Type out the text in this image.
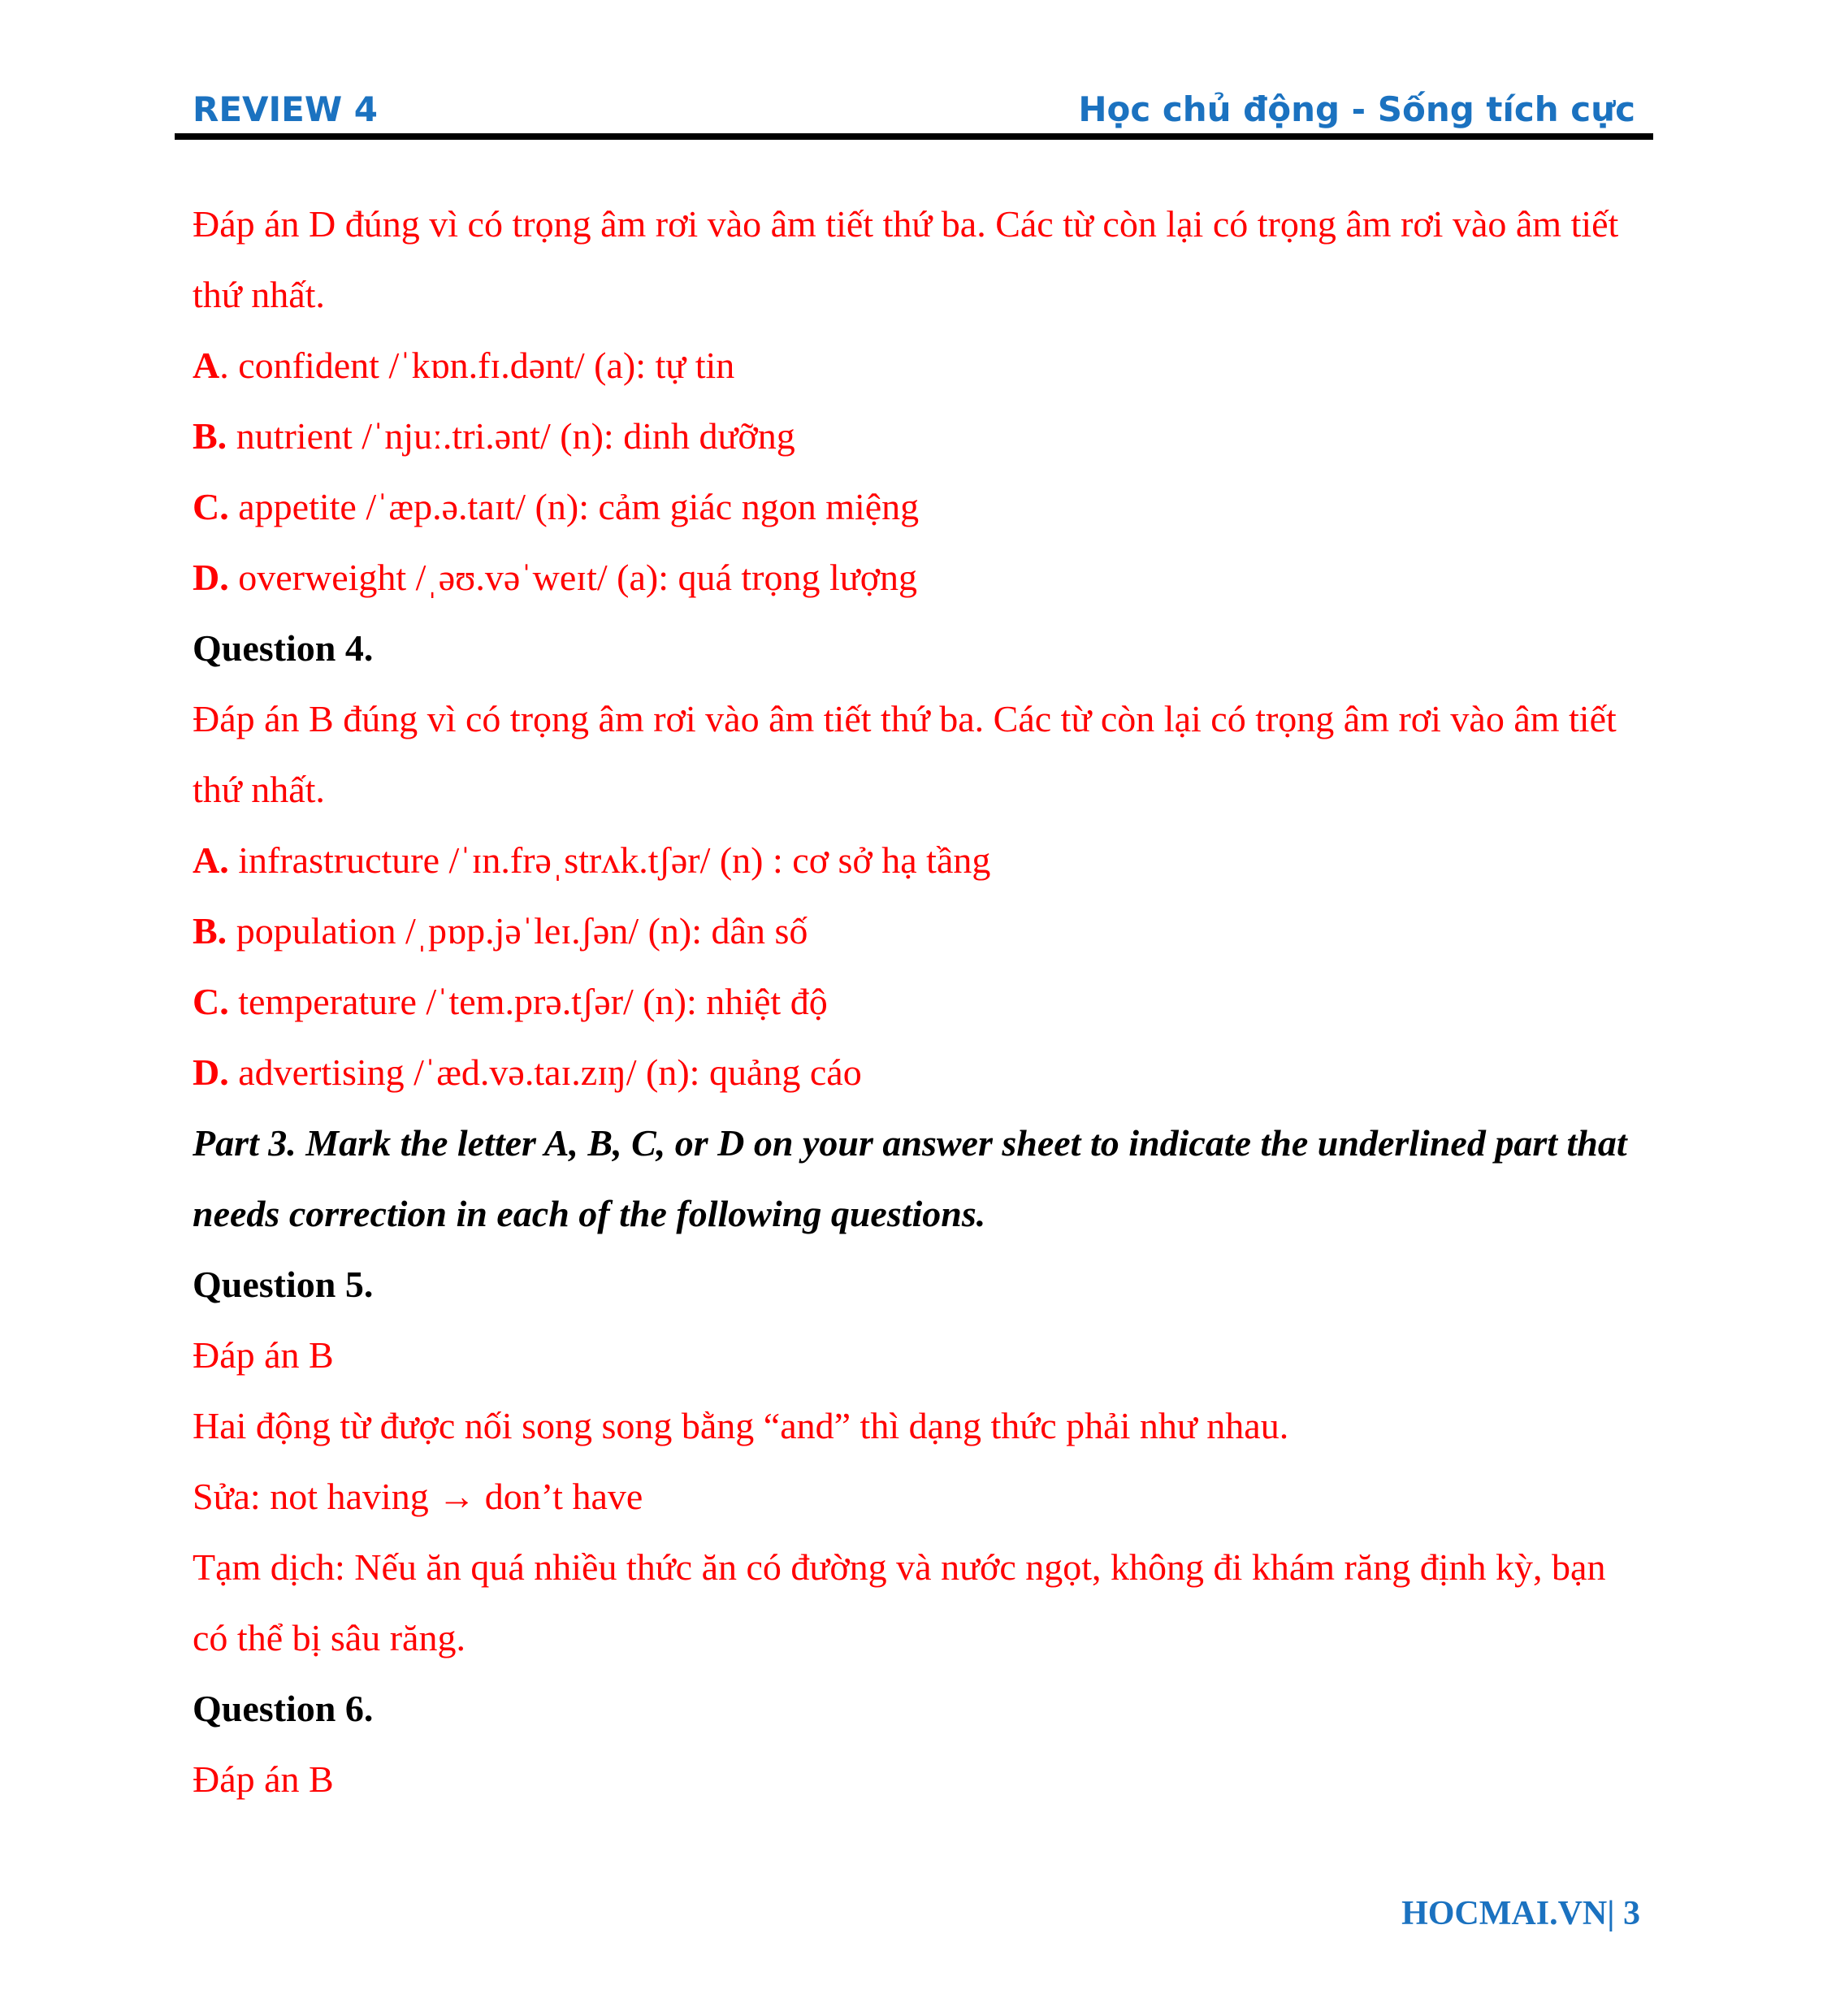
REVIEW 4	Học chủ động - Sống tích cực

Đáp án D đúng vì có trọng âm rơi vào âm tiết thứ ba. Các từ còn lại có trọng âm rơi vào âm tiết thứ nhất.

A. confident /ˈkɒn.fɪ.dənt/ (a): tự tin

B. nutrient /ˈnjuː.tri.ənt/ (n): dinh dưỡng

C. appetite /ˈæp.ə.taɪt/ (n): cảm giác ngon miệng

D. overweight /ˌəʊ.vəˈweɪt/ (a): quá trọng lượng

Question 4.

Đáp án B đúng vì có trọng âm rơi vào âm tiết thứ ba. Các từ còn lại có trọng âm rơi vào âm tiết thứ nhất.

A. infrastructure /ˈɪn.frəˌstrʌk.tʃər/ (n) : cơ sở hạ tầng

B. population /ˌpɒp.jəˈleɪ.ʃən/ (n): dân số

C. temperature /ˈtem.prə.tʃər/ (n): nhiệt độ

D. advertising /ˈæd.və.taɪ.zɪŋ/ (n): quảng cáo

Part 3. Mark the letter A, B, C, or D on your answer sheet to indicate the underlined part that needs correction in each of the following questions.

Question 5.

Đáp án B

Hai động từ được nối song song bằng “and” thì dạng thức phải như nhau.

Sửa: not having → don’t have

Tạm dịch: Nếu ăn quá nhiều thức ăn có đường và nước ngọt, không đi khám răng định kỳ, bạn có thể bị sâu răng.

Question 6.

Đáp án B

HOCMAI.VN| 3
